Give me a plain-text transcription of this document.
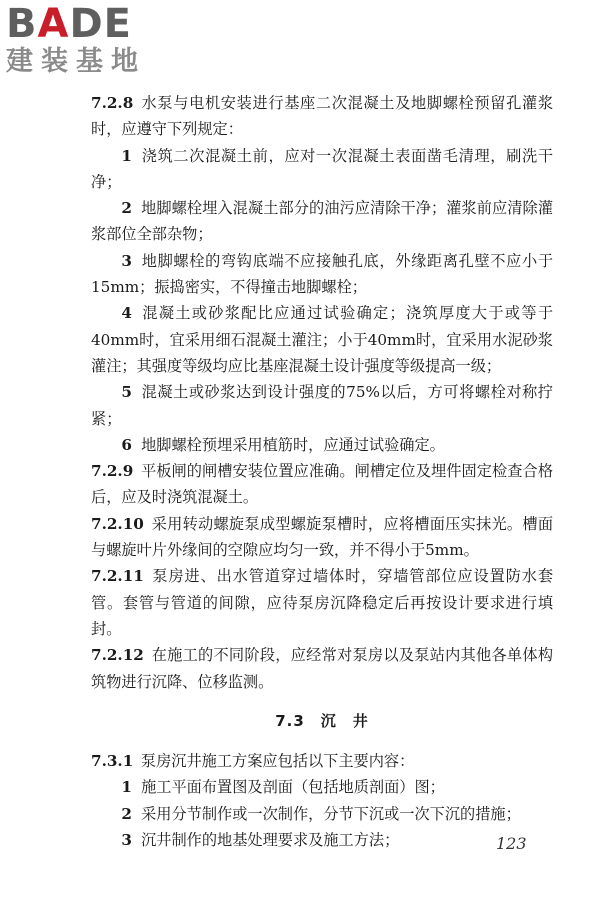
BADE
建装基地

7.2.8 水泵与电机安装进行基座二次混凝土及地脚螺栓预留孔灌浆时，应遵守下列规定：

1 浇筑二次混凝土前，应对一次混凝土表面凿毛清理，刷洗干净；

2 地脚螺栓埋入混凝土部分的油污应清除干净；灌浆前应清除灌浆部位全部杂物；

3 地脚螺栓的弯钩底端不应接触孔底，外缘距离孔壁不应小于15mm；振捣密实，不得撞击地脚螺栓；

4 混凝土或砂浆配比应通过试验确定；浇筑厚度大于或等于40mm时，宜采用细石混凝土灌注；小于40mm时，宜采用水泥砂浆灌注；其强度等级均应比基座混凝土设计强度等级提高一级；

5 混凝土或砂浆达到设计强度的75%以后，方可将螺栓对称拧紧；

6 地脚螺栓预埋采用植筋时，应通过试验确定。

7.2.9 平板闸的闸槽安装位置应准确。闸槽定位及埋件固定检查合格后，应及时浇筑混凝土。

7.2.10 采用转动螺旋泵成型螺旋泵槽时，应将槽面压实抹光。槽面与螺旋叶片外缘间的空隙应均匀一致，并不得小于5mm。

7.2.11 泵房进、出水管道穿过墙体时，穿墙管部位应设置防水套管。套管与管道的间隙，应待泵房沉降稳定后再按设计要求进行填封。

7.2.12 在施工的不同阶段，应经常对泵房以及泵站内其他各单体构筑物进行沉降、位移监测。

7.3 沉　井

7.3.1 泵房沉井施工方案应包括以下主要内容：

1 施工平面布置图及剖面（包括地质剖面）图；

2 采用分节制作或一次制作，分节下沉或一次下沉的措施；

3 沉井制作的地基处理要求及施工方法；	123
